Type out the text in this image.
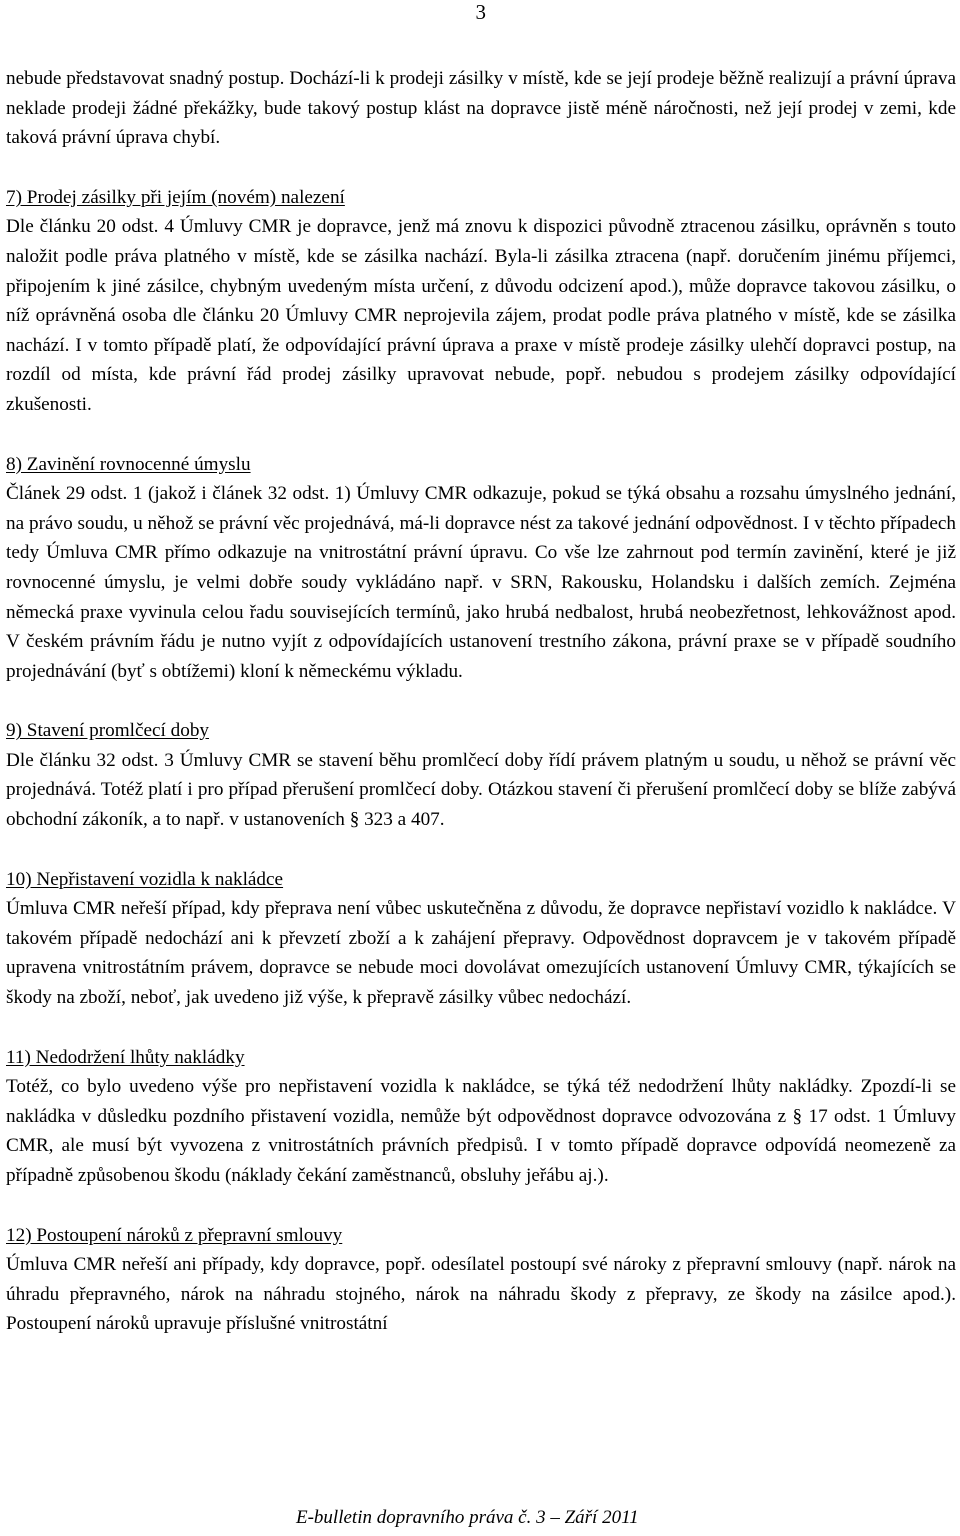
3

nebude představovat snadný postup. Dochází-li k prodeji zásilky v místě, kde se její prodeje běžně realizují a právní úprava neklade prodeji žádné překážky, bude takový postup klást na dopravce jistě méně náročnosti, než její prodej v zemi, kde taková právní úprava chybí.

7) Prodej zásilky při jejím (novém) nalezení

Dle článku 20 odst. 4 Úmluvy CMR je dopravce, jenž má znovu k dispozici původně ztracenou zásilku, oprávněn s touto naložit podle práva platného v místě, kde se zásilka nachází. Byla-li zásilka ztracena (např. doručením jinému příjemci, připojením k jiné zásilce, chybným uvedeným místa určení, z důvodu odcizení apod.), může dopravce takovou zásilku, o níž oprávněná osoba dle článku 20 Úmluvy CMR neprojevila zájem, prodat podle práva platného v místě, kde se zásilka nachází. I v tomto případě platí, že odpovídající právní úprava a praxe v místě prodeje zásilky ulehčí dopravci postup, na rozdíl od místa, kde právní řád prodej zásilky upravovat nebude, popř. nebudou s prodejem zásilky odpovídající zkušenosti.

8) Zavinění rovnocenné úmyslu

Článek 29 odst. 1 (jakož i článek 32 odst. 1) Úmluvy CMR odkazuje, pokud se týká obsahu a rozsahu úmyslného jednání, na právo soudu, u něhož se právní věc projednává, má-li dopravce nést za takové jednání odpovědnost. I v těchto případech tedy Úmluva CMR přímo odkazuje na vnitrostátní právní úpravu. Co vše lze zahrnout pod termín zavinění, které je již rovnocenné úmyslu, je velmi dobře soudy vykládáno např. v SRN, Rakousku, Holandsku i dalších zemích. Zejména německá praxe vyvinula celou řadu souvisejících termínů, jako hrubá nedbalost, hrubá neobezřetnost, lehkovážnost apod. V českém právním řádu je nutno vyjít z odpovídajících ustanovení trestního zákona, právní praxe se v případě soudního projednávání (byť s obtížemi) kloní k německému výkladu.

9) Stavení promlčecí doby

Dle článku 32 odst. 3 Úmluvy CMR se stavení běhu promlčecí doby řídí právem platným u soudu, u něhož se právní věc projednává. Totéž platí i pro případ přerušení promlčecí doby. Otázkou stavení či přerušení promlčecí doby se blíže zabývá obchodní zákoník, a to např. v ustanoveních § 323 a 407.

10) Nepřistavení vozidla k nakládce

Úmluva CMR neřeší případ, kdy přeprava není vůbec uskutečněna z důvodu, že dopravce nepřistaví vozidlo k nakládce. V takovém případě nedochází ani k převzetí zboží a k zahájení přepravy. Odpovědnost dopravcem je v takovém případě upravena vnitrostátním právem, dopravce se nebude moci dovolávat omezujících ustanovení Úmluvy CMR, týkajících se škody na zboží, neboť, jak uvedeno již výše, k přepravě zásilky vůbec nedochází.

11) Nedodržení lhůty nakládky

Totéž, co bylo uvedeno výše pro nepřistavení vozidla k nakládce, se týká též nedodržení lhůty nakládky. Zpozdí-li se nakládka v důsledku pozdního přistavení vozidla, nemůže být odpovědnost dopravce odvozována z § 17 odst. 1 Úmluvy CMR, ale musí být vyvozena z vnitrostátních právních předpisů. I v tomto případě dopravce odpovídá neomezeně za případně způsobenou škodu (náklady čekání zaměstnanců, obsluhy jeřábu aj.).

12) Postoupení nároků z přepravní smlouvy

Úmluva CMR neřeší ani případy, kdy dopravce, popř. odesílatel postoupí své nároky z přepravní smlouvy (např. nárok na úhradu přepravného, nárok na náhradu stojného, nárok na náhradu škody z přepravy, ze škody na zásilce apod.). Postoupení nároků upravuje příslušné vnitrostátní

E-bulletin dopravního práva č. 3 – Září 2011
